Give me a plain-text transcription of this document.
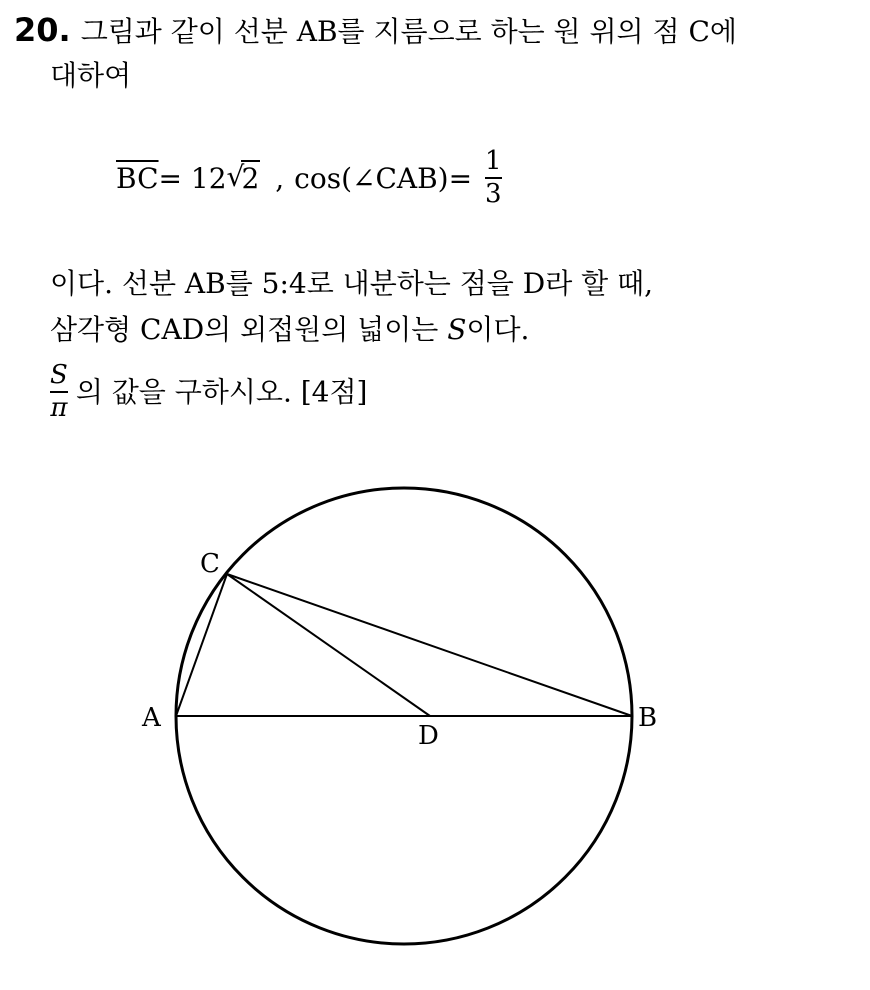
20. 그림과 같이 선분 AB를 지름으로 하는 원 위의 점 C에
대하여
$\overline{BC}= 12$ √
2 , cos(∠CAB)= $\frac{1}{3}$
이다. 선분 AB를 5:4로 내분하는 점을 D라 할 때,
삼각형 CAD의 외접원의 넓이는 S이다.
$\frac{S}{\pi}$ 의 값을 구하시오. [4점]
C
A	B
D
